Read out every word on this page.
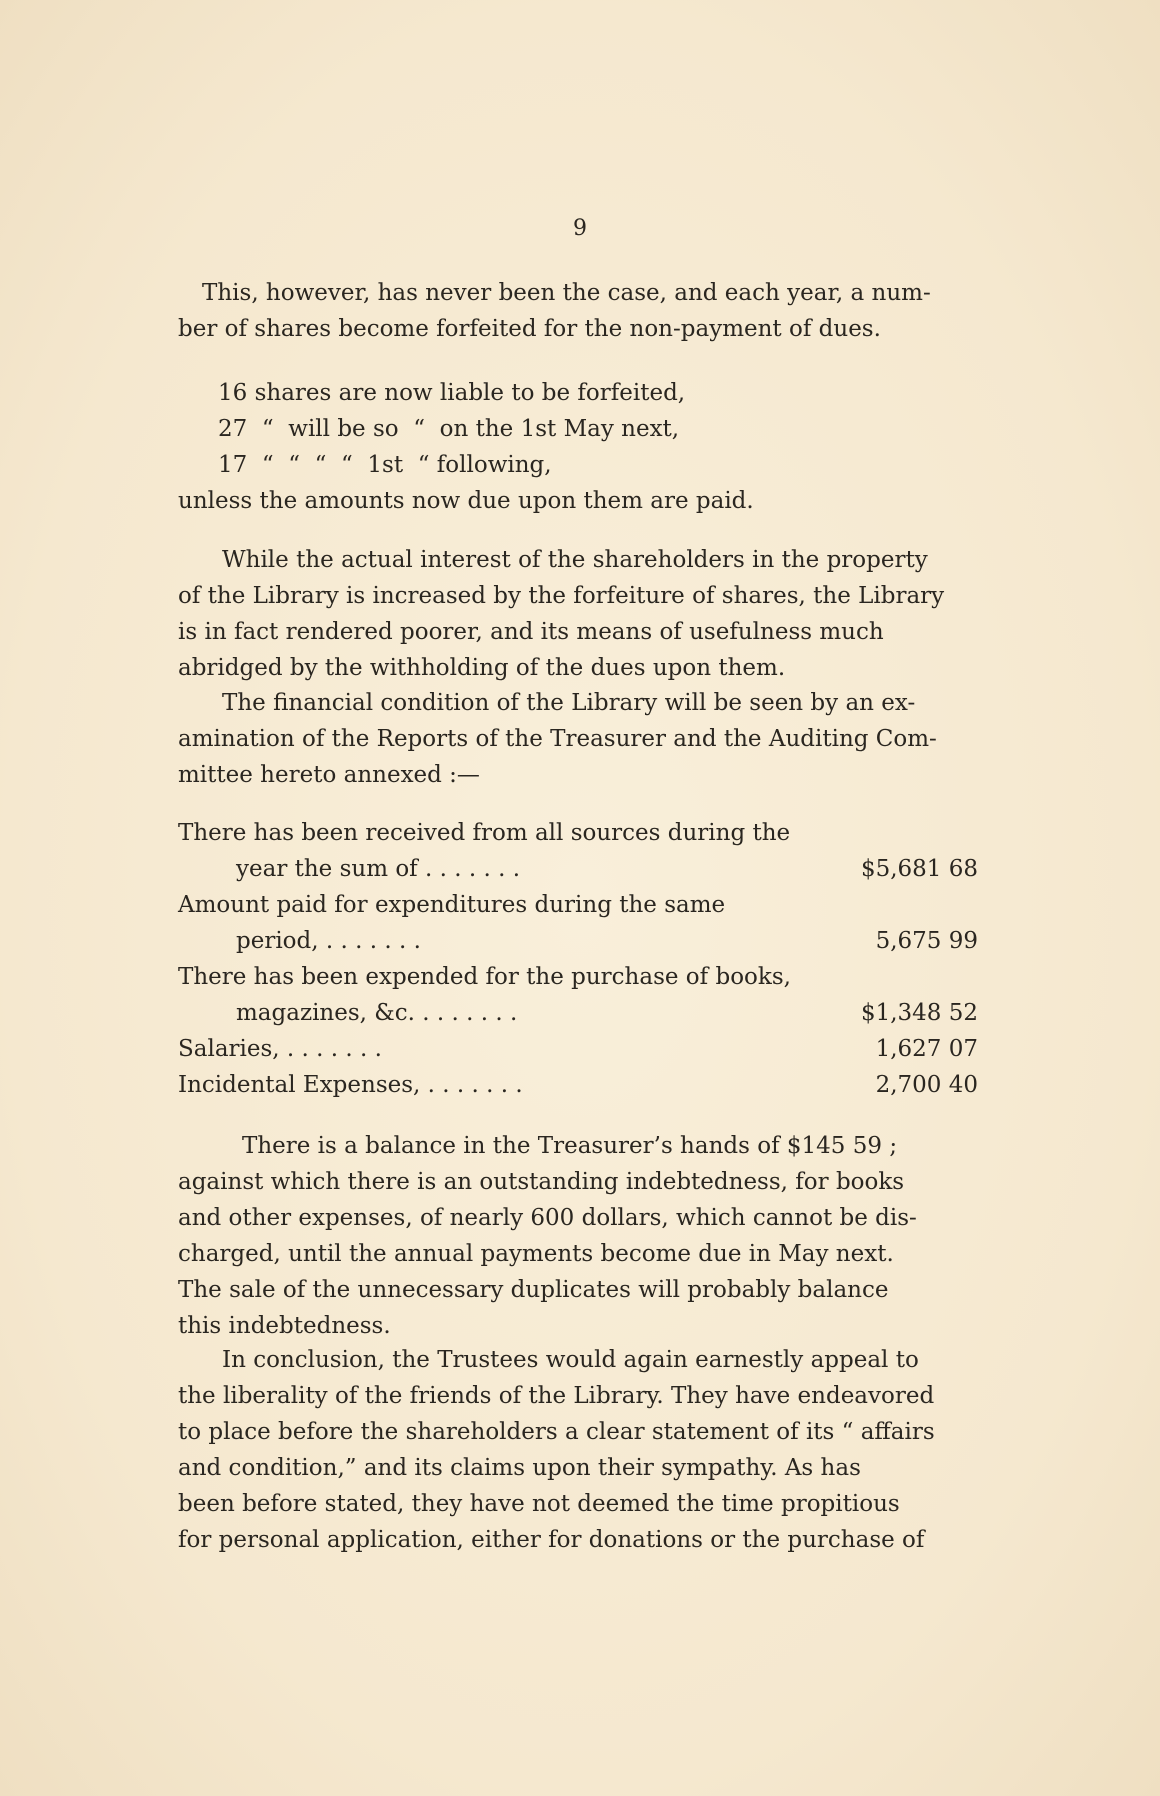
9
This, however, has never been the case, and each year, a num-
ber of shares become forfeited for the non-payment of dues.
16 shares are now liable to be forfeited,
27  “  will be so  “  on the 1st May next,
17  “  “  “  “  1st  “ following,
unless the amounts now due upon them are paid.
While the actual interest of the shareholders in the property
of the Library is increased by the forfeiture of shares, the Library
is in fact rendered poorer, and its means of usefulness much
abridged by the withholding of the dues upon them.
The financial condition of the Library will be seen by an ex-
amination of the Reports of the Treasurer and the Auditing Com-
mittee hereto annexed :—
There has been received from all sources during the
year the sum of . . . . . . .	$5,681 68
Amount paid for expenditures during the same
period, . . . . . . .	5,675 99
There has been expended for the purchase of books,
magazines, &c. . . . . . . .	$1,348 52
Salaries, . . . . . . .	1,627 07
Incidental Expenses, . . . . . . .	2,700 40
There is a balance in the Treasurer’s hands of $145 59 ;
against which there is an outstanding indebtedness, for books
and other expenses, of nearly 600 dollars, which cannot be dis-
charged, until the annual payments become due in May next.
The sale of the unnecessary duplicates will probably balance
this indebtedness.
In conclusion, the Trustees would again earnestly appeal to
the liberality of the friends of the Library. They have endeavored
to place before the shareholders a clear statement of its “ affairs
and condition,” and its claims upon their sympathy. As has
been before stated, they have not deemed the time propitious
for personal application, either for donations or the purchase of
